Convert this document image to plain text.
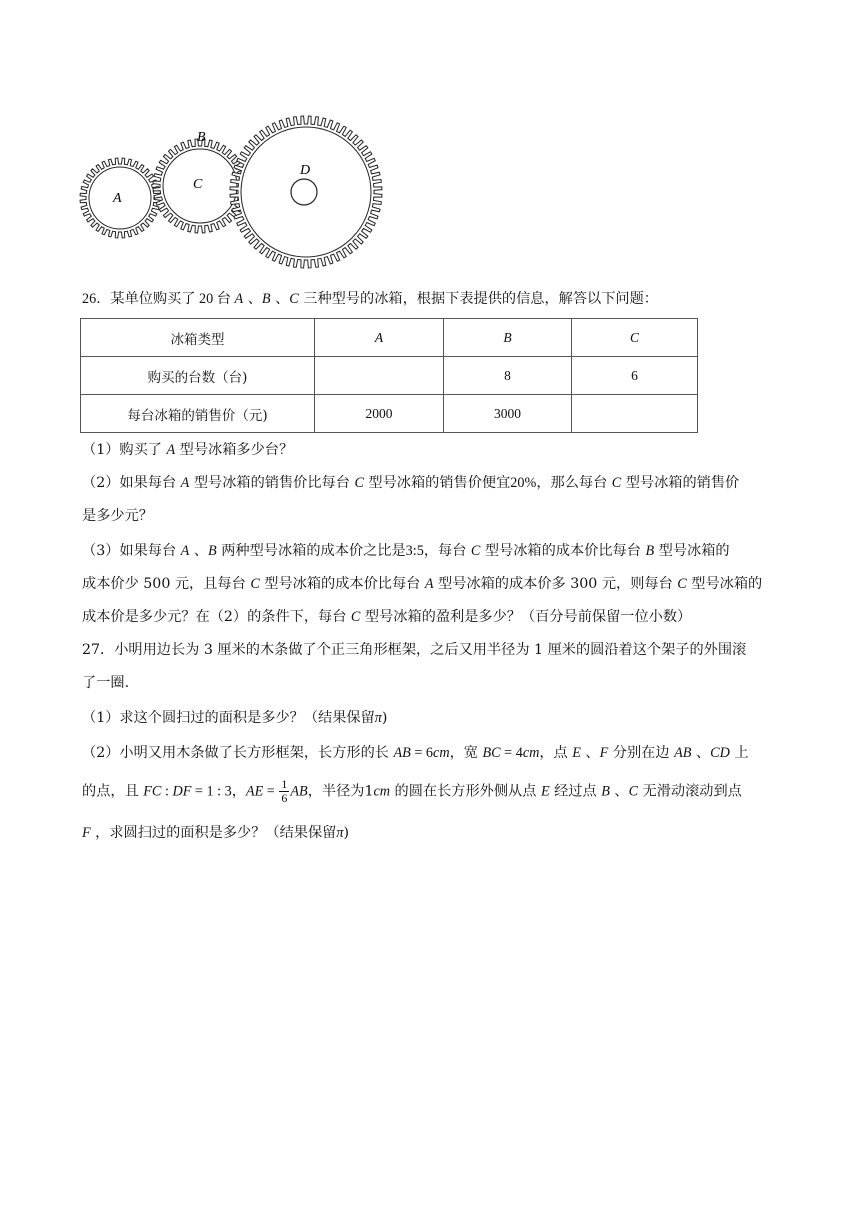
A
B
C
D
26．某单位购买了 20 台 A 、B 、C 三种型号的冰箱，根据下表提供的信息，解答以下问题：
冰箱类型	A	B	C
购买的台数（台)		8	6
每台冰箱的销售价（元)	2000	3000	
（1）购买了 A 型号冰箱多少台？
（2）如果每台 A 型号冰箱的销售价比每台 C 型号冰箱的销售价便宜20%，那么每台 C 型号冰箱的销售价
是多少元？
（3）如果每台 A 、B 两种型号冰箱的成本价之比是3:5，每台 C 型号冰箱的成本价比每台 B 型号冰箱的
成本价少 500 元，且每台 C 型号冰箱的成本价比每台 A 型号冰箱的成本价多 300 元，则每台 C 型号冰箱的
成本价是多少元？在（2）的条件下，每台 C 型号冰箱的盈利是多少？（百分号前保留一位小数）
27．小明用边长为 3 厘米的木条做了个正三角形框架，之后又用半径为 1 厘米的圆沿着这个架子的外围滚
了一圈.
（1）求这个圆扫过的面积是多少？（结果保留π)
（2）小明又用木条做了长方形框架，长方形的长 AB = 6cm，宽 BC = 4cm，点 E 、F 分别在边 AB 、CD 上
的点，且 FC : DF = 1 : 3，AE = $\frac{1}{6}$ AB，半径为1cm 的圆在长方形外侧从点 E 经过点 B 、C 无滑动滚动到点
F ，求圆扫过的面积是多少？（结果保留π)
